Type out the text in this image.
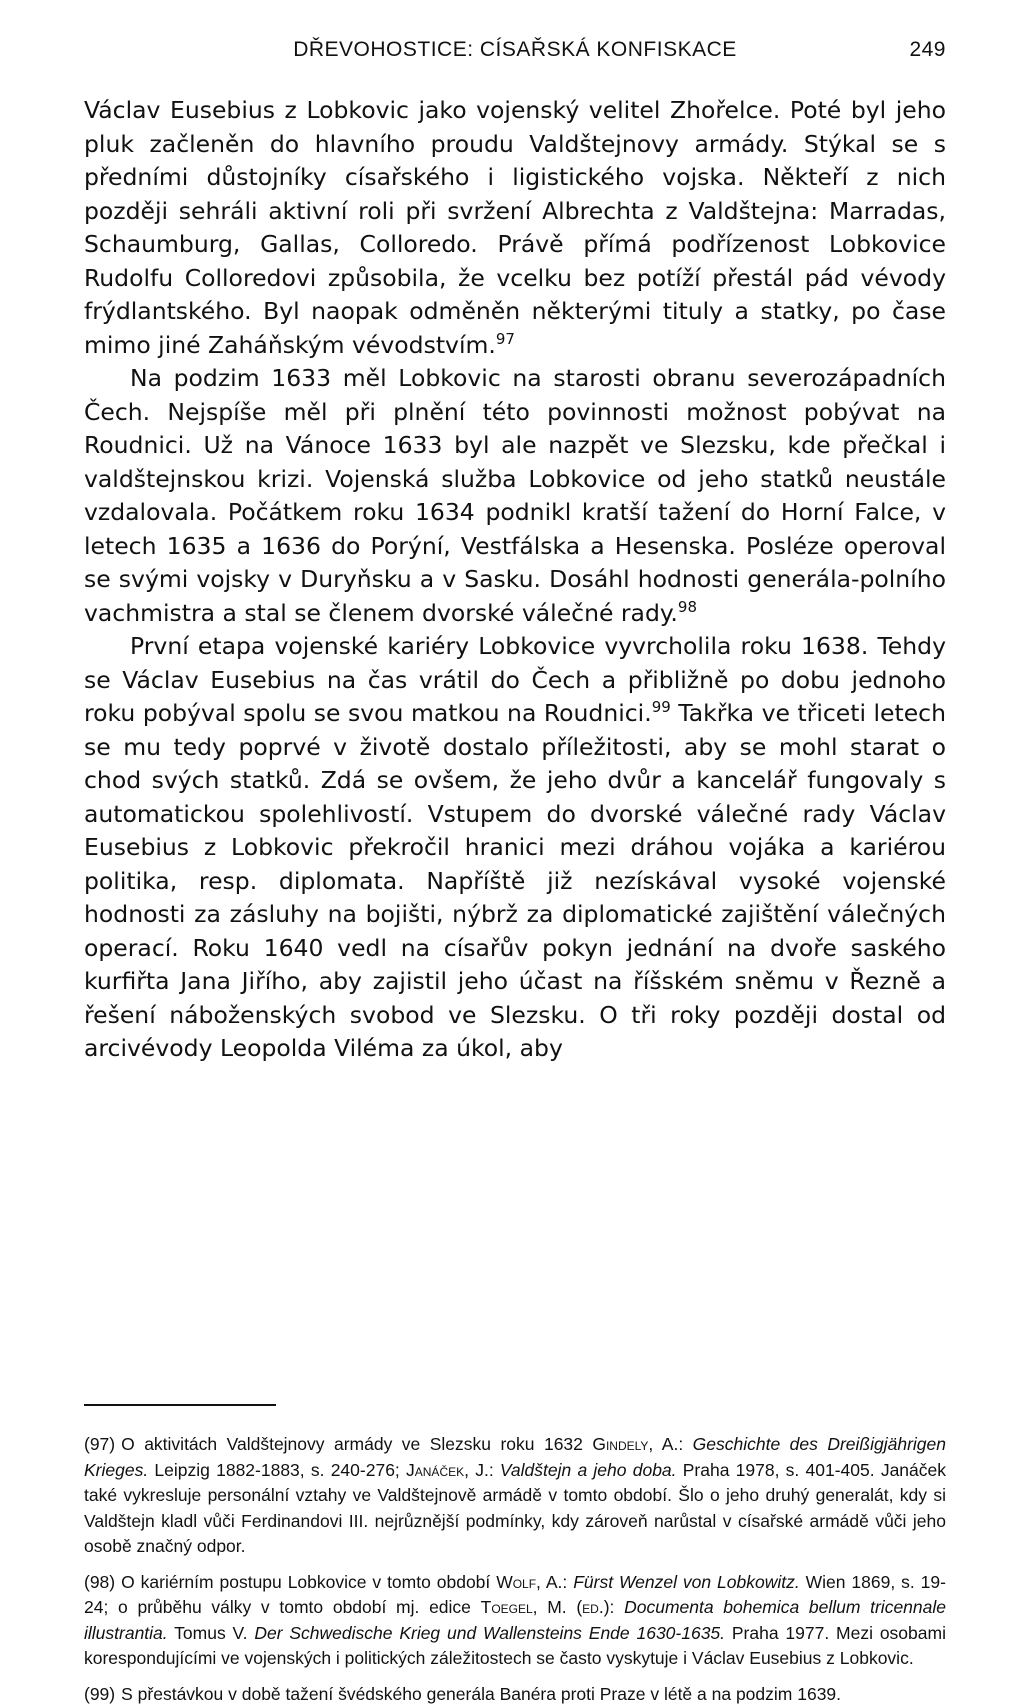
DŘEVOHOSTICE: CÍSAŘSKÁ KONFISKACE	249

Václav Eusebius z Lobkovic jako vojenský velitel Zhořelce. Poté byl jeho pluk začleněn do hlavního proudu Valdštejnovy armády. Stýkal se s předními důstojníky císařského i ligistického vojska. Někteří z nich později sehráli aktivní roli při svržení Albrechta z Valdštejna: Marradas, Schaumburg, Gallas, Colloredo. Právě přímá podřízenost Lobkovice Rudolfu Colloredovi způsobila, že vcelku bez potíží přestál pád vévody frýdlantského. Byl naopak odměněn některými tituly a statky, po čase mimo jiné Zaháňským vévodstvím.$^{97}$

Na podzim 1633 měl Lobkovic na starosti obranu severozápadních Čech. Nejspíše měl při plnění této povinnosti možnost pobývat na Roudnici. Už na Vánoce 1633 byl ale nazpět ve Slezsku, kde přečkal i valdštejnskou krizi. Vojenská služba Lobkovice od jeho statků neustále vzdalovala. Počátkem roku 1634 podnikl kratší tažení do Horní Falce, v letech 1635 a 1636 do Porýní, Vestfálska a Hesenska. Posléze operoval se svými vojsky v Duryňsku a v Sasku. Dosáhl hodnosti generála-polního vachmistra a stal se členem dvorské válečné rady.$^{98}$

První etapa vojenské kariéry Lobkovice vyvrcholila roku 1638. Tehdy se Václav Eusebius na čas vrátil do Čech a přibližně po dobu jednoho roku pobýval spolu se svou matkou na Roudnici.$^{99}$ Takřka ve třiceti letech se mu tedy poprvé v životě dostalo příležitosti, aby se mohl starat o chod svých statků. Zdá se ovšem, že jeho dvůr a kancelář fungovaly s automatickou spolehlivostí. Vstupem do dvorské válečné rady Václav Eusebius z Lobkovic překročil hranici mezi dráhou vojáka a kariérou politika, resp. diplomata. Napříště již nezískával vysoké vojenské hodnosti za zásluhy na bojišti, nýbrž za diplomatické zajištění válečných operací. Roku 1640 vedl na císařův pokyn jednání na dvoře saského kurfiřta Jana Jiřího, aby zajistil jeho účast na říšském sněmu v Řezně a řešení náboženských svobod ve Slezsku. O tři roky později dostal od arcivévody Leopolda Viléma za úkol, aby

(97) O aktivitách Valdštejnovy armády ve Slezsku roku 1632 Gindely, A.: Geschichte des Dreißigjährigen Krieges. Leipzig 1882-1883, s. 240-276; Janáček, J.: Valdštejn a jeho doba. Praha 1978, s. 401-405. Janáček také vykresluje personální vztahy ve Valdštejnově armádě v tomto období. Šlo o jeho druhý generalát, kdy si Valdštejn kladl vůči Ferdinandovi III. nejrůznější podmínky, kdy zároveň narůstal v císařské armádě vůči jeho osobě značný odpor.

(98) O kariérním postupu Lobkovice v tomto období Wolf, A.: Fürst Wenzel von Lobkowitz. Wien 1869, s. 19-24; o průběhu války v tomto období mj. edice Toegel, M. (ed.): Documenta bohemica bellum tricennale illustrantia. Tomus V. Der Schwedische Krieg und Wallensteins Ende 1630-1635. Praha 1977. Mezi osobami korespondujícími ve vojenských i politických záležitostech se často vyskytuje i Václav Eusebius z Lobkovic.

(99) S přestávkou v době tažení švédského generála Banéra proti Praze v létě a na podzim 1639.
